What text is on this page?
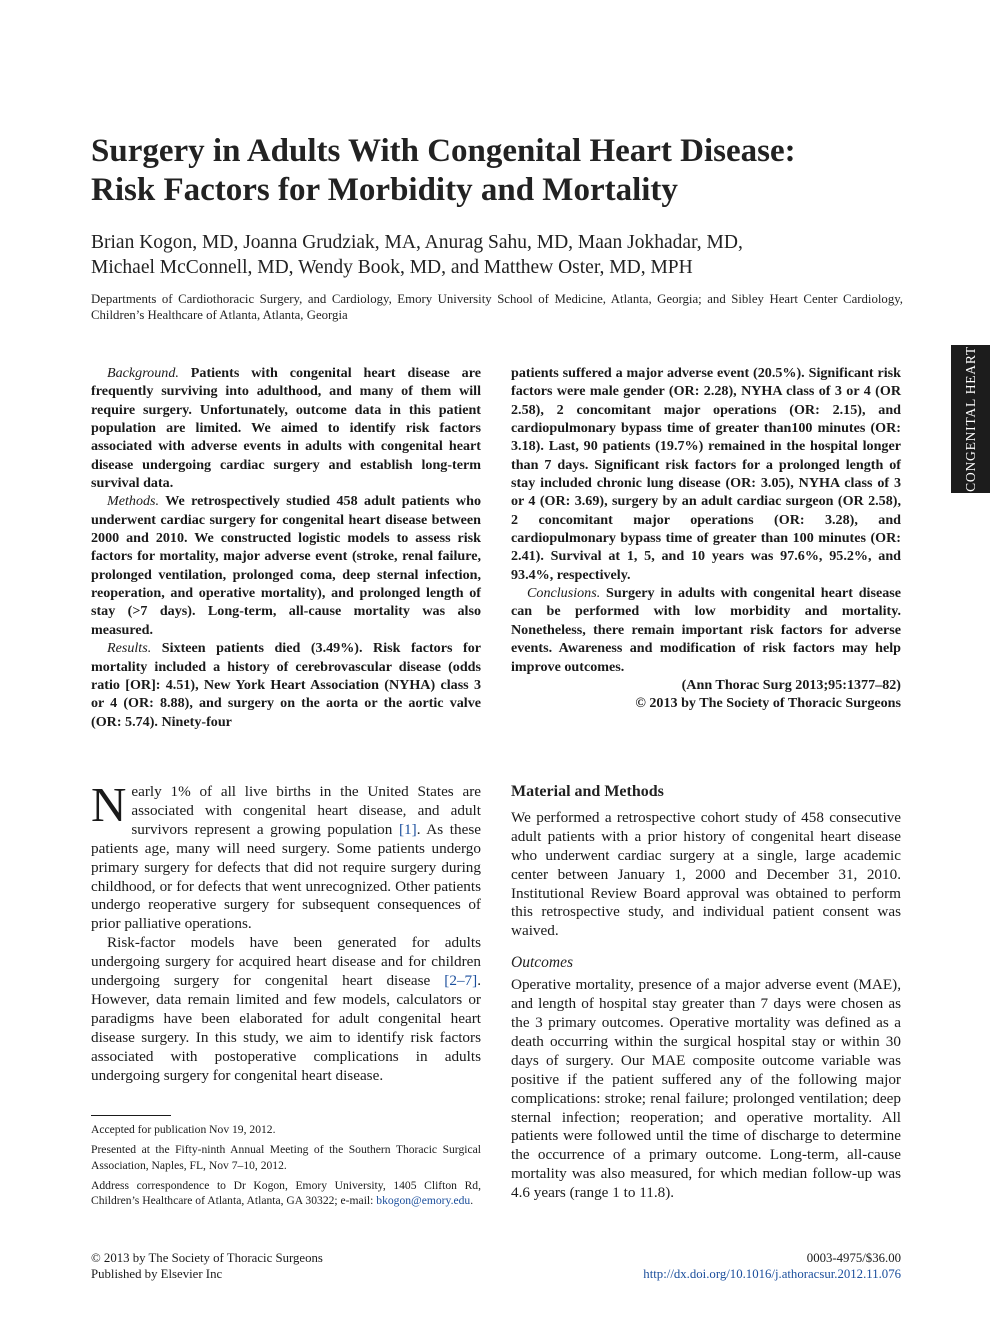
Surgery in Adults With Congenital Heart Disease:
Risk Factors for Morbidity and Mortality
Brian Kogon, MD, Joanna Grudziak, MA, Anurag Sahu, MD, Maan Jokhadar, MD,
Michael McConnell, MD, Wendy Book, MD, and Matthew Oster, MD, MPH
Departments of Cardiothoracic Surgery, and Cardiology, Emory University School of Medicine, Atlanta, Georgia; and Sibley Heart Center Cardiology, Children’s Healthcare of Atlanta, Atlanta, Georgia
CONGENITAL HEART

Background. Patients with congenital heart disease are frequently surviving into adulthood, and many of them will require surgery. Unfortunately, outcome data in this patient population are limited. We aimed to identify risk factors associated with adverse events in adults with congenital heart disease undergoing cardiac surgery and establish long-term survival data.

Methods. We retrospectively studied 458 adult patients who underwent cardiac surgery for congenital heart disease between 2000 and 2010. We constructed logistic models to assess risk factors for mortality, major adverse event (stroke, renal failure, prolonged ventilation, prolonged coma, deep sternal infection, reoperation, and operative mortality), and prolonged length of stay (>7 days). Long-term, all-cause mortality was also measured.

Results. Sixteen patients died (3.49%). Risk factors for mortality included a history of cerebrovascular disease (odds ratio [OR]: 4.51), New York Heart Association (NYHA) class 3 or 4 (OR: 8.88), and surgery on the aorta or the aortic valve (OR: 5.74). Ninety-four

patients suffered a major adverse event (20.5%). Significant risk factors were male gender (OR: 2.28), NYHA class of 3 or 4 (OR 2.58), 2 concomitant major operations (OR: 2.15), and cardiopulmonary bypass time of greater than100 minutes (OR: 3.18). Last, 90 patients (19.7%) remained in the hospital longer than 7 days. Significant risk factors for a prolonged length of stay included chronic lung disease (OR: 3.05), NYHA class of 3 or 4 (OR: 3.69), surgery by an adult cardiac surgeon (OR 2.58), 2 concomitant major operations (OR: 3.28), and cardiopulmonary bypass time of greater than 100 minutes (OR: 2.41). Survival at 1, 5, and 10 years was 97.6%, 95.2%, and 93.4%, respectively.

Conclusions. Surgery in adults with congenital heart disease can be performed with low morbidity and mortality. Nonetheless, there remain important risk factors for adverse events. Awareness and modification of risk factors may help improve outcomes.

(Ann Thorac Surg 2013;95:1377–82)

© 2013 by The Society of Thoracic Surgeons

Nearly 1% of all live births in the United States are associated with congenital heart disease, and adult survivors represent a growing population [1]. As these patients age, many will need surgery. Some patients undergo primary surgery for defects that did not require surgery during childhood, or for defects that went unrecognized. Other patients undergo reoperative surgery for subsequent consequences of prior palliative operations.

Risk-factor models have been generated for adults undergoing surgery for acquired heart disease and for children undergoing surgery for congenital heart disease [2–7]. However, data remain limited and few models, calculators or paradigms have been elaborated for adult congenital heart disease surgery. In this study, we aim to identify risk factors associated with postoperative complications in adults undergoing surgery for congenital heart disease.

Accepted for publication Nov 19, 2012.

Presented at the Fifty-ninth Annual Meeting of the Southern Thoracic Surgical Association, Naples, FL, Nov 7–10, 2012.

Address correspondence to Dr Kogon, Emory University, 1405 Clifton Rd, Children’s Healthcare of Atlanta, Atlanta, GA 30322; e-mail: bkogon@emory.edu.

Material and Methods

We performed a retrospective cohort study of 458 consecutive adult patients with a prior history of congenital heart disease who underwent cardiac surgery at a single, large academic center between January 1, 2000 and December 31, 2010. Institutional Review Board approval was obtained to perform this retrospective study, and individual patient consent was waived.

Outcomes

Operative mortality, presence of a major adverse event (MAE), and length of hospital stay greater than 7 days were chosen as the 3 primary outcomes. Operative mortality was defined as a death occurring within the surgical hospital stay or within 30 days of surgery. Our MAE composite outcome variable was positive if the patient suffered any of the following major complications: stroke; renal failure; prolonged ventilation; deep sternal infection; reoperation; and operative mortality. All patients were followed until the time of discharge to determine the occurrence of a primary outcome. Long-term, all-cause mortality was also measured, for which median follow-up was 4.6 years (range 1 to 11.8).

© 2013 by The Society of Thoracic Surgeons
Published by Elsevier Inc
0003-4975/$36.00
http://dx.doi.org/10.1016/j.athoracsur.2012.11.076
